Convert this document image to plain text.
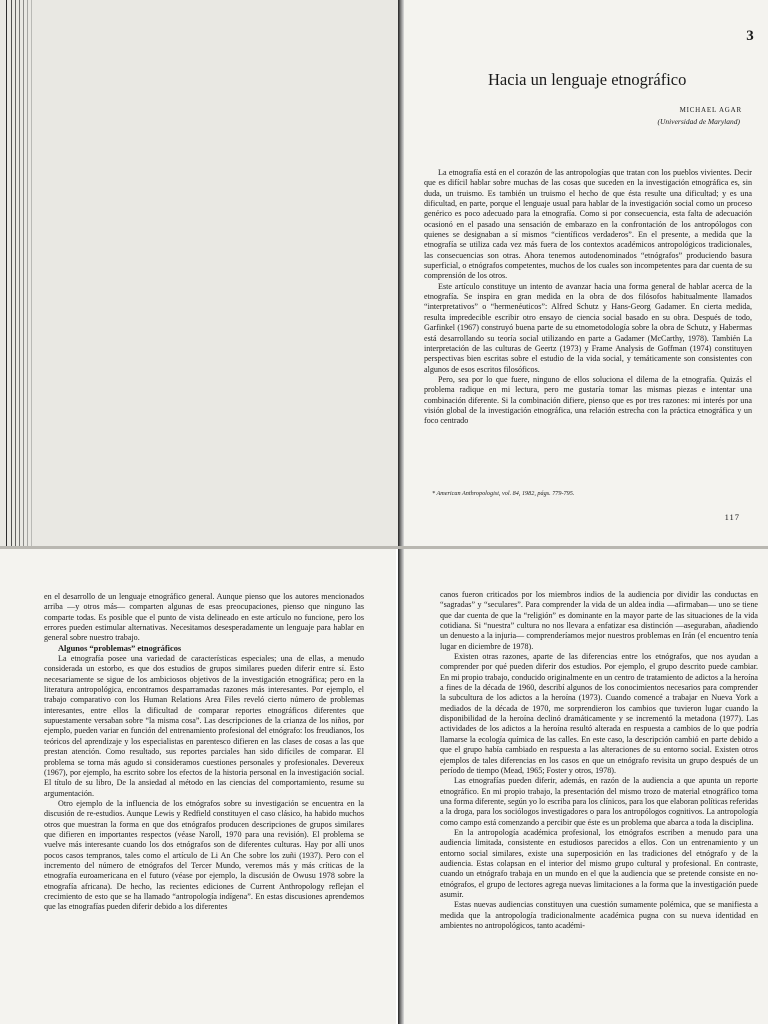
3
Hacia un lenguaje etnográfico
MICHAEL AGAR
(Universidad de Maryland)

La etnografía está en el corazón de las antropologías que tratan con los pueblos vivientes. Decir que es difícil hablar sobre muchas de las cosas que suceden en la investigación etnográfica es, sin duda, un truismo. Es también un truismo el hecho de que ésta resulte una dificultad; y es una dificultad, en parte, porque el lenguaje usual para hablar de la investigación social como un proceso genérico es poco adecuado para la etnografía. Como si por consecuencia, esta falta de adecuación ocasionó en el pasado una sensación de embarazo en la confrontación de los antropólogos con quienes se designaban a sí mismos “científicos verdaderos”. En el presente, a medida que la etnografía se utiliza cada vez más fuera de los contextos académicos antropológicos tradicionales, las consecuencias son otras. Ahora tenemos autodenominados “etnógrafos” produciendo basura superficial, o etnógrafos competentes, muchos de los cuales son incompetentes para dar cuenta de su comprensión de los otros.

Este artículo constituye un intento de avanzar hacia una forma general de hablar acerca de la etnografía. Se inspira en gran medida en la obra de dos filósofos habitualmente llamados “interpretativos” o “hermenéuticos”: Alfred Schutz y Hans-Georg Gadamer. En cierta medida, resulta impredecible escribir otro ensayo de ciencia social basado en su obra. Después de todo, Garfinkel (1967) construyó buena parte de su etnometodología sobre la obra de Schutz, y Habermas está desarrollando su teoría social utilizando en parte a Gadamer (McCarthy, 1978). También La interpretación de las culturas de Geertz (1973) y Frame Analysis de Goffman (1974) constituyen perspectivas bien escritas sobre el estudio de la vida social, y temáticamente son consistentes con algunos de esos escritos filosóficos.

Pero, sea por lo que fuere, ninguno de ellos soluciona el dilema de la etnografía. Quizás el problema radique en mi lectura, pero me gustaría tomar las mismas piezas e intentar una combinación diferente. Si la combinación difiere, pienso que es por tres razones: mi interés por una visión global de la investigación etnográfica, una relación estrecha con la práctica etnográfica y un foco centrado

* American Anthropologist, vol. 84, 1982, págs. 779-795.
117

en el desarrollo de un lenguaje etnográfico general. Aunque pienso que los autores mencionados arriba —y otros más— comparten algunas de esas preocupaciones, pienso que ninguno las comparte todas. Es posible que el punto de vista delineado en este artículo no funcione, pero los errores pueden estimular alternativas. Necesitamos desesperadamente un lenguaje para hablar en general sobre nuestro trabajo.

Algunos “problemas” etnográficos

La etnografía posee una variedad de características especiales; una de ellas, a menudo considerada un estorbo, es que dos estudios de grupos similares pueden diferir entre sí. Esto necesariamente se sigue de los ambiciosos objetivos de la investigación etnográfica; pero en la literatura antropológica, encontramos desparramadas razones más interesantes. Por ejemplo, el trabajo comparativo con los Human Relations Area Files reveló cierto número de problemas interesantes, entre ellos la dificultad de comparar reportes etnográficos diferentes que supuestamente versaban sobre “la misma cosa”. Las descripciones de la crianza de los niños, por ejemplo, pueden variar en función del entrenamiento profesional del etnógrafo: los freudianos, los teóricos del aprendizaje y los especialistas en parentesco difieren en las clases de cosas a las que prestan atención. Como resultado, sus reportes parciales han sido difíciles de comparar. El problema se torna más agudo si consideramos cuestiones personales y profesionales. Devereux (1967), por ejemplo, ha escrito sobre los efectos de la historia personal en la investigación social. El título de su libro, De la ansiedad al método en las ciencias del comportamiento, resume su argumentación.

Otro ejemplo de la influencia de los etnógrafos sobre su investigación se encuentra en la discusión de re-estudios. Aunque Lewis y Redfield constituyen el caso clásico, ha habido muchos otros que muestran la forma en que dos etnógrafos producen descripciones de grupos similares que difieren en importantes respectos (véase Naroll, 1970 para una revisión). El problema se vuelve más interesante cuando los dos etnógrafos son de diferentes culturas. Hay por allí unos pocos casos tempranos, tales como el artículo de Li An Che sobre los zuñi (1937). Pero con el incremento del número de etnógrafos del Tercer Mundo, veremos más y más críticas de la etnografía euroamericana en el futuro (véase por ejemplo, la discusión de Owusu 1978 sobre la etnografía africana). De hecho, las recientes ediciones de Current Anthropology reflejan el crecimiento de esto que se ha llamado “antropología indígena”. En estas discusiones aprendemos que las etnografías pueden diferir debido a los diferentes

canos fueron criticados por los miembros indios de la audiencia por dividir las conductas en “sagradas” y “seculares”. Para comprender la vida de un aldea india —afirmaban— uno se tiene que dar cuenta de que la “religión” es dominante en la mayor parte de las situaciones de la vida cotidiana. Si “nuestra” cultura no nos llevara a enfatizar esa distinción —aseguraban, añadiendo un denuesto a la injuria— comprenderíamos mejor nuestros problemas en Irán (el encuentro tenía lugar en diciembre de 1978).

Existen otras razones, aparte de las diferencias entre los etnógrafos, que nos ayudan a comprender por qué pueden diferir dos estudios. Por ejemplo, el grupo descrito puede cambiar. En mi propio trabajo, conducido originalmente en un centro de tratamiento de adictos a la heroína a fines de la década de 1960, describí algunos de los conocimientos necesarios para comprender la subcultura de los adictos a la heroína (1973). Cuando comencé a trabajar en Nueva York a mediados de la década de 1970, me sorprendieron los cambios que tuvieron lugar cuando la disponibilidad de la heroína declinó dramáticamente y se incrementó la metadona (1977). Las actividades de los adictos a la heroína resultó alterada en respuesta a cambios de lo que podría llamarse la ecología química de las calles. En este caso, la descripción cambió en parte debido a que el grupo había cambiado en respuesta a las alteraciones de su entorno social. Existen otros ejemplos de tales diferencias en los casos en que un etnógrafo revisita un grupo después de un período de tiempo (Mead, 1965; Foster y otros, 1978).

Las etnografías pueden diferir, además, en razón de la audiencia a que apunta un reporte etnográfico. En mi propio trabajo, la presentación del mismo trozo de material etnográfico toma una forma diferente, según yo lo escriba para los clínicos, para los que elaboran políticas referidas a la droga, para los sociólogos investigadores o para los antropólogos cognitivos. La antropología como campo está comenzando a percibir que éste es un problema que abarca a toda la disciplina.

En la antropología académica profesional, los etnógrafos escriben a menudo para una audiencia limitada, consistente en estudiosos parecidos a ellos. Con un entrenamiento y un entorno social similares, existe una superposición en las tradiciones del etnógrafo y de la audiencia. Estas colapsan en el interior del mismo grupo cultural y profesional. En contraste, cuando un etnógrafo trabaja en un mundo en el que la audiencia que se pretende consiste en no-etnógrafos, el grupo de lectores agrega nuevas limitaciones a la forma que la investigación puede asumir.

Estas nuevas audiencias constituyen una cuestión sumamente polémica, que se manifiesta a medida que la antropología tradicionalmente académica pugna con su nueva identidad en ambientes no antropológicos, tanto académi-
